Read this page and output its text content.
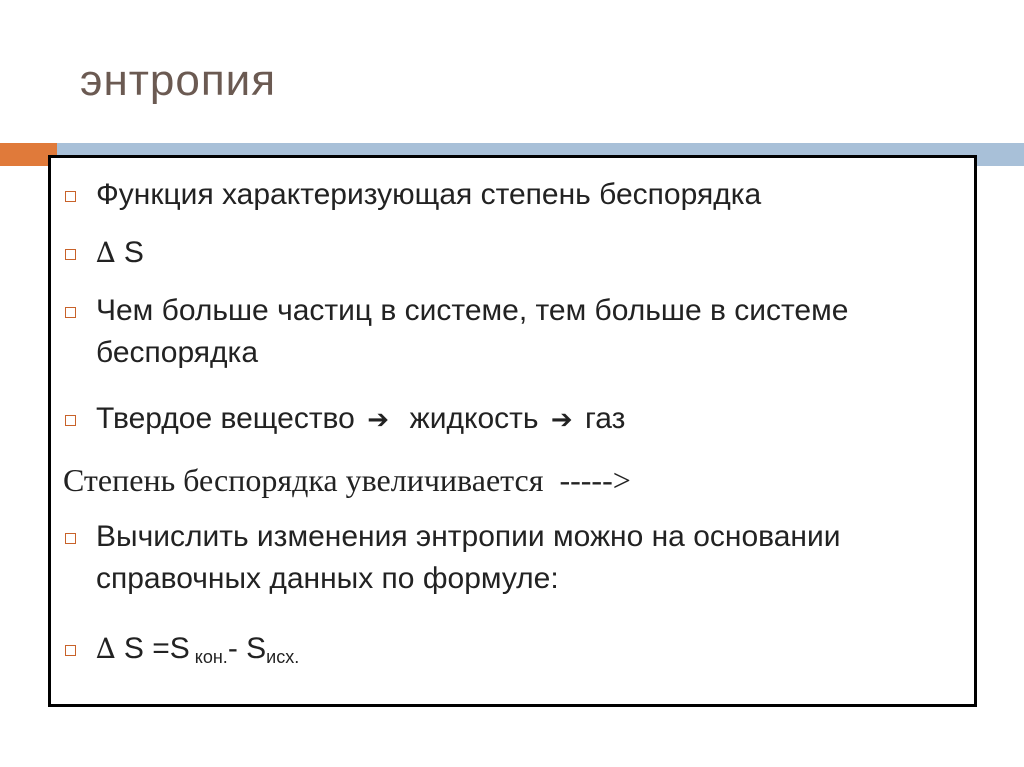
энтропия
Функция характеризующая степень беспорядка
∆ S
Чем больше частиц в системе, тем больше в системе беспорядка
Твердое вещество ➔ жидкость ➔ газ
Степень беспорядка увеличивается  ----->
Вычислить изменения энтропии можно на основании справочных данных по формуле:
∆ S =S $_{кон.}$- $S_{исх.}$
